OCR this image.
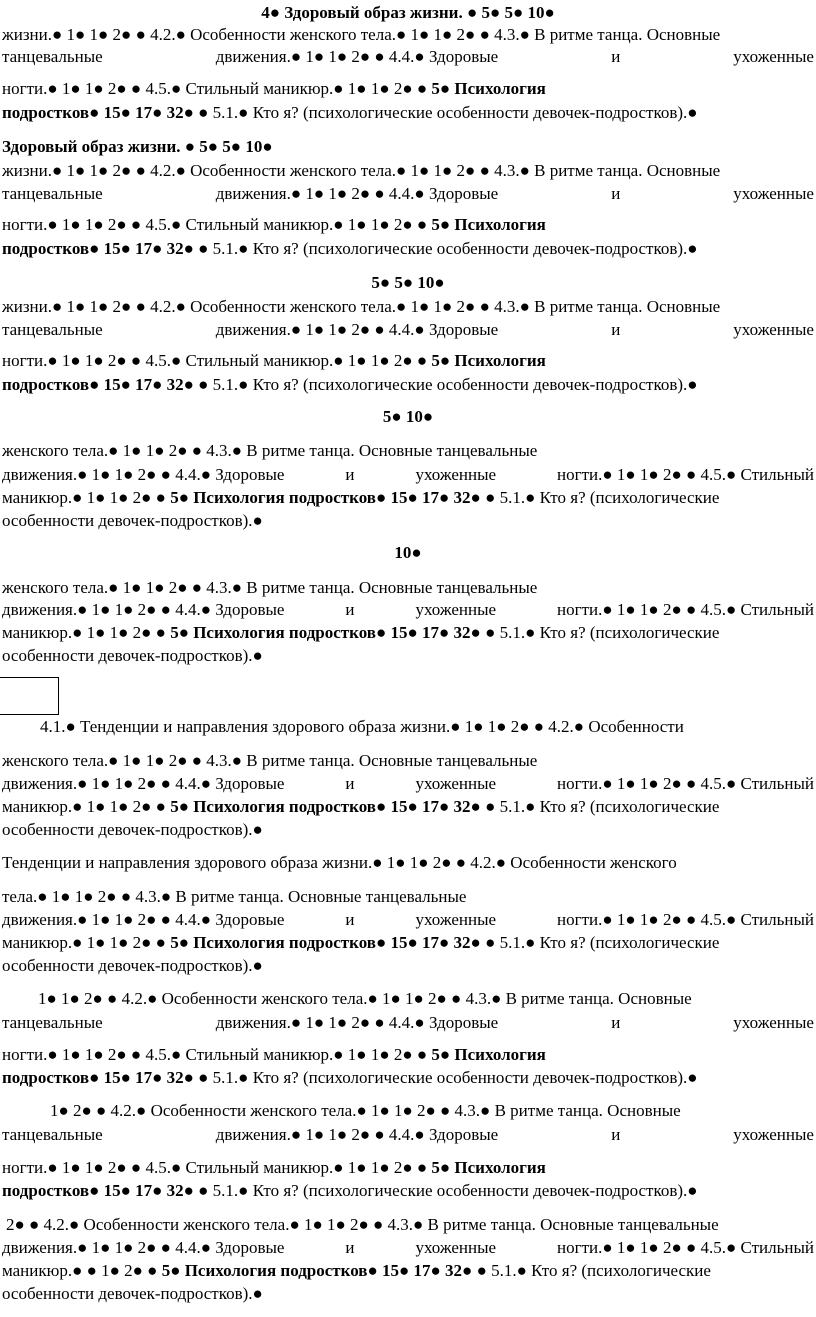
4● Здоровый образ жизни. ● 5● 5● 10●
жизни.● 1● 1● 2● ● 4.2.● Особенности женского тела.● 1● 1● 2● ● 4.3.● В ритме танца. Основные
танцевальные	движения.● 1● 1● 2● ● 4.4.● Здоровые	и	ухоженные
ногти.● 1● 1● 2● ● 4.5.● Стильный маникюр.● 1● 1● 2● ● 5● Психология
подростков● 15● 17● 32● ● 5.1.● Кто я? (психологические особенности девочек-подростков).●
Здоровый образ жизни. ● 5● 5● 10●
жизни.● 1● 1● 2● ● 4.2.● Особенности женского тела.● 1● 1● 2● ● 4.3.● В ритме танца. Основные
танцевальные	движения.● 1● 1● 2● ● 4.4.● Здоровые	и	ухоженные
ногти.● 1● 1● 2● ● 4.5.● Стильный маникюр.● 1● 1● 2● ● 5● Психология
подростков● 15● 17● 32● ● 5.1.● Кто я? (психологические особенности девочек-подростков).●
5● 5● 10●
жизни.● 1● 1● 2● ● 4.2.● Особенности женского тела.● 1● 1● 2● ● 4.3.● В ритме танца. Основные
танцевальные	движения.● 1● 1● 2● ● 4.4.● Здоровые	и	ухоженные
ногти.● 1● 1● 2● ● 4.5.● Стильный маникюр.● 1● 1● 2● ● 5● Психология
подростков● 15● 17● 32● ● 5.1.● Кто я? (психологические особенности девочек-подростков).●
5● 10●
женского тела.● 1● 1● 2● ● 4.3.● В ритме танца. Основные танцевальные
движения.● 1● 1● 2● ● 4.4.● Здоровые	и	ухоженные	ногти.● 1● 1● 2● ● 4.5.● Стильный
маникюр.● 1● 1● 2● ● 5● Психология подростков● 15● 17● 32● ● 5.1.● Кто я? (психологические
особенности девочек-подростков).●
10●
женского тела.● 1● 1● 2● ● 4.3.● В ритме танца. Основные танцевальные
движения.● 1● 1● 2● ● 4.4.● Здоровые	и	ухоженные	ногти.● 1● 1● 2● ● 4.5.● Стильный
маникюр.● 1● 1● 2● ● 5● Психология подростков● 15● 17● 32● ● 5.1.● Кто я? (психологические
особенности девочек-подростков).●
4.1.● Тенденции и направления здорового образа жизни.● 1● 1● 2● ● 4.2.● Особенности
женского тела.● 1● 1● 2● ● 4.3.● В ритме танца. Основные танцевальные
движения.● 1● 1● 2● ● 4.4.● Здоровые	и	ухоженные	ногти.● 1● 1● 2● ● 4.5.● Стильный
маникюр.● 1● 1● 2● ● 5● Психология подростков● 15● 17● 32● ● 5.1.● Кто я? (психологические
особенности девочек-подростков).●
Тенденции и направления здорового образа жизни.● 1● 1● 2● ● 4.2.● Особенности женского
тела.● 1● 1● 2● ● 4.3.● В ритме танца. Основные танцевальные
движения.● 1● 1● 2● ● 4.4.● Здоровые	и	ухоженные	ногти.● 1● 1● 2● ● 4.5.● Стильный
маникюр.● 1● 1● 2● ● 5● Психология подростков● 15● 17● 32● ● 5.1.● Кто я? (психологические
особенности девочек-подростков).●
1● 1● 2● ● 4.2.● Особенности женского тела.● 1● 1● 2● ● 4.3.● В ритме танца. Основные
танцевальные	движения.● 1● 1● 2● ● 4.4.● Здоровые	и	ухоженные
ногти.● 1● 1● 2● ● 4.5.● Стильный маникюр.● 1● 1● 2● ● 5● Психология
подростков● 15● 17● 32● ● 5.1.● Кто я? (психологические особенности девочек-подростков).●
1● 2● ● 4.2.● Особенности женского тела.● 1● 1● 2● ● 4.3.● В ритме танца. Основные
танцевальные	движения.● 1● 1● 2● ● 4.4.● Здоровые	и	ухоженные
ногти.● 1● 1● 2● ● 4.5.● Стильный маникюр.● 1● 1● 2● ● 5● Психология
подростков● 15● 17● 32● ● 5.1.● Кто я? (психологические особенности девочек-подростков).●
2● ● 4.2.● Особенности женского тела.● 1● 1● 2● ● 4.3.● В ритме танца. Основные танцевальные
движения.● 1● 1● 2● ● 4.4.● Здоровые	и	ухоженные	ногти.● 1● 1● 2● ● 4.5.● Стильный
маникюр.● ● 1● 2● ● 5● Психология подростков● 15● 17● 32● ● 5.1.● Кто я? (психологические
особенности девочек-подростков).●
